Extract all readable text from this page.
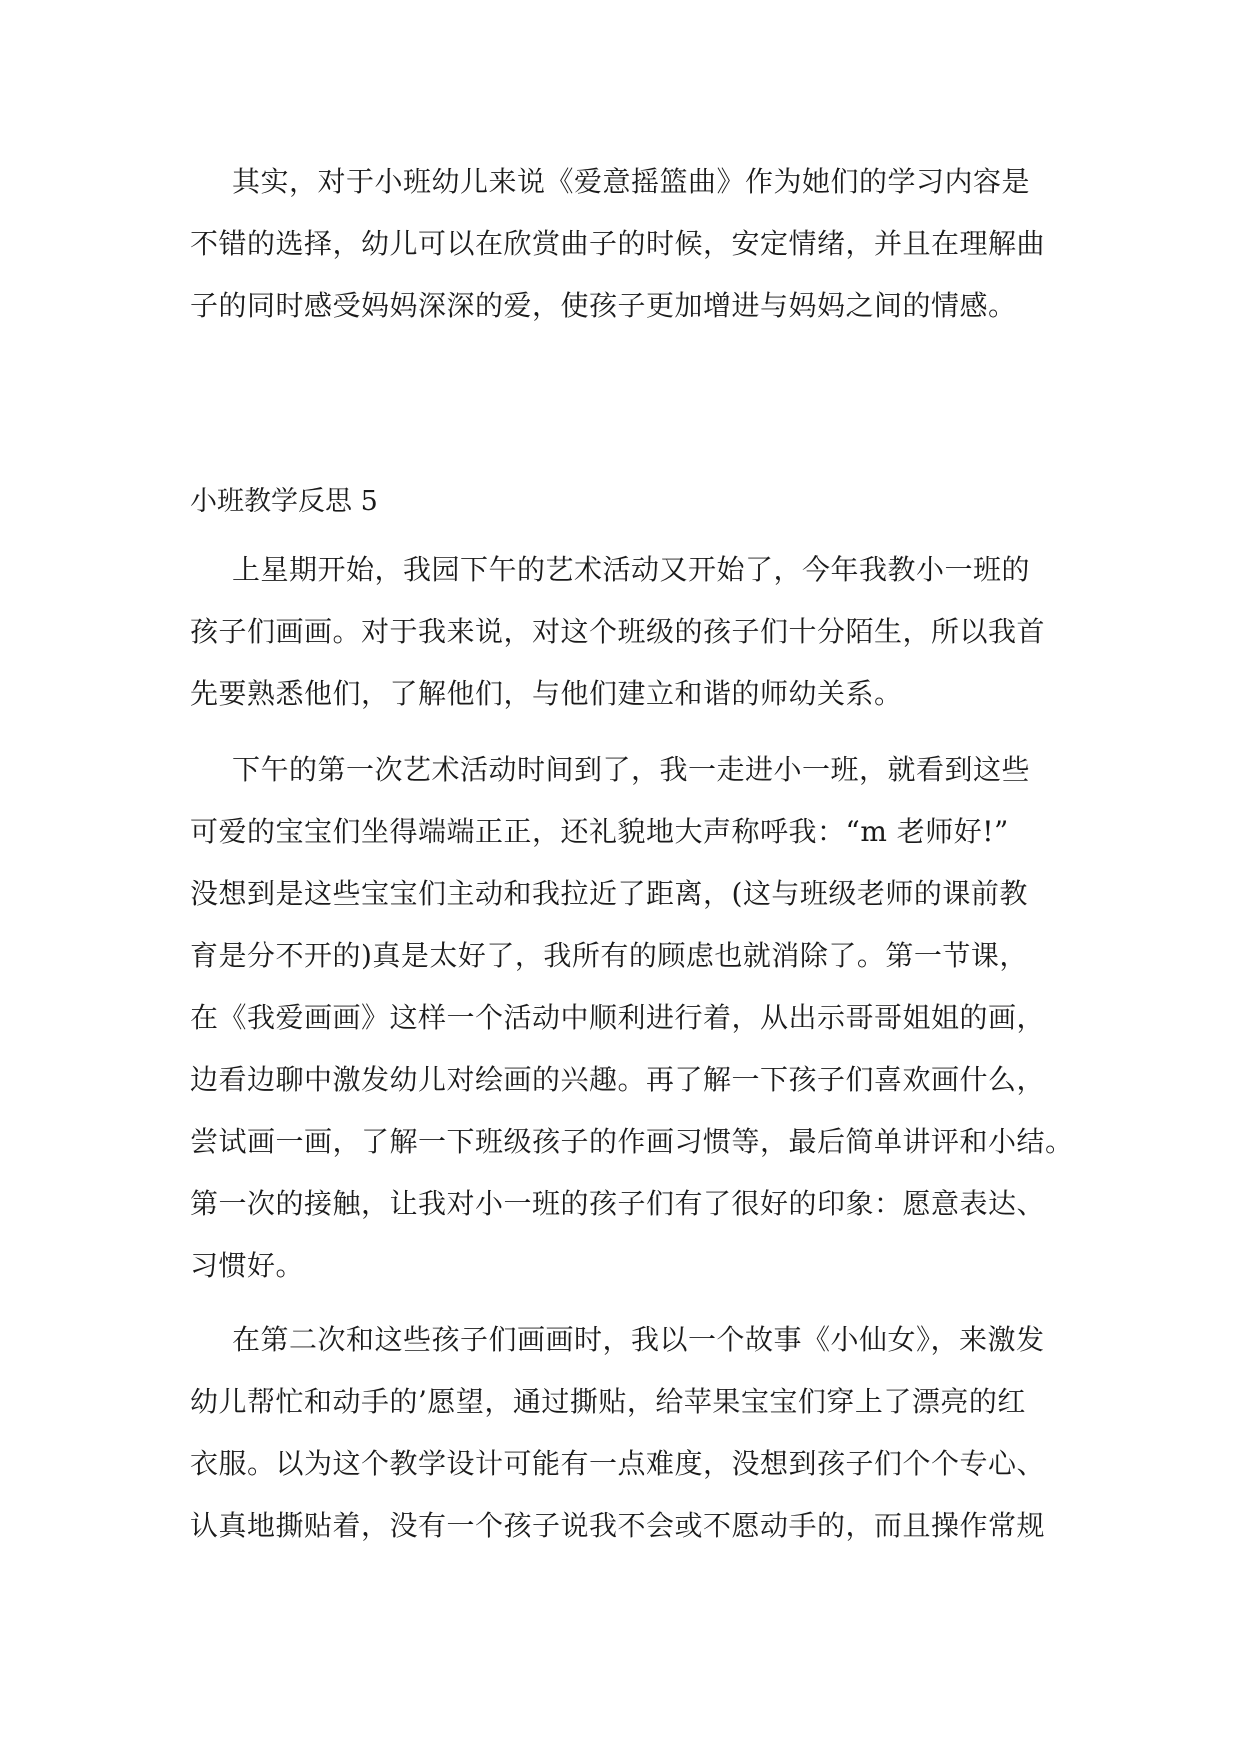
其实，对于小班幼儿来说《爱意摇篮曲》作为她们的学习内容是
不错的选择，幼儿可以在欣赏曲子的时候，安定情绪，并且在理解曲
子的同时感受妈妈深深的爱，使孩子更加增进与妈妈之间的情感。
小班教学反思 5
上星期开始，我园下午的艺术活动又开始了，今年我教小一班的
孩子们画画。对于我来说，对这个班级的孩子们十分陌生，所以我首
先要熟悉他们，了解他们，与他们建立和谐的师幼关系。
下午的第一次艺术活动时间到了，我一走进小一班，就看到这些
可爱的宝宝们坐得端端正正，还礼貌地大声称呼我：“m 老师好!”
没想到是这些宝宝们主动和我拉近了距离，(这与班级老师的课前教
育是分不开的)真是太好了，我所有的顾虑也就消除了。第一节课，
在《我爱画画》这样一个活动中顺利进行着，从出示哥哥姐姐的画，
边看边聊中激发幼儿对绘画的兴趣。再了解一下孩子们喜欢画什么，
尝试画一画，了解一下班级孩子的作画习惯等，最后简单讲评和小结。
第一次的接触，让我对小一班的孩子们有了很好的印象：愿意表达、
习惯好。
在第二次和这些孩子们画画时，我以一个故事《小仙女》，来激发
幼儿帮忙和动手的’愿望，通过撕贴，给苹果宝宝们穿上了漂亮的红
衣服。以为这个教学设计可能有一点难度，没想到孩子们个个专心、
认真地撕贴着，没有一个孩子说我不会或不愿动手的，而且操作常规
